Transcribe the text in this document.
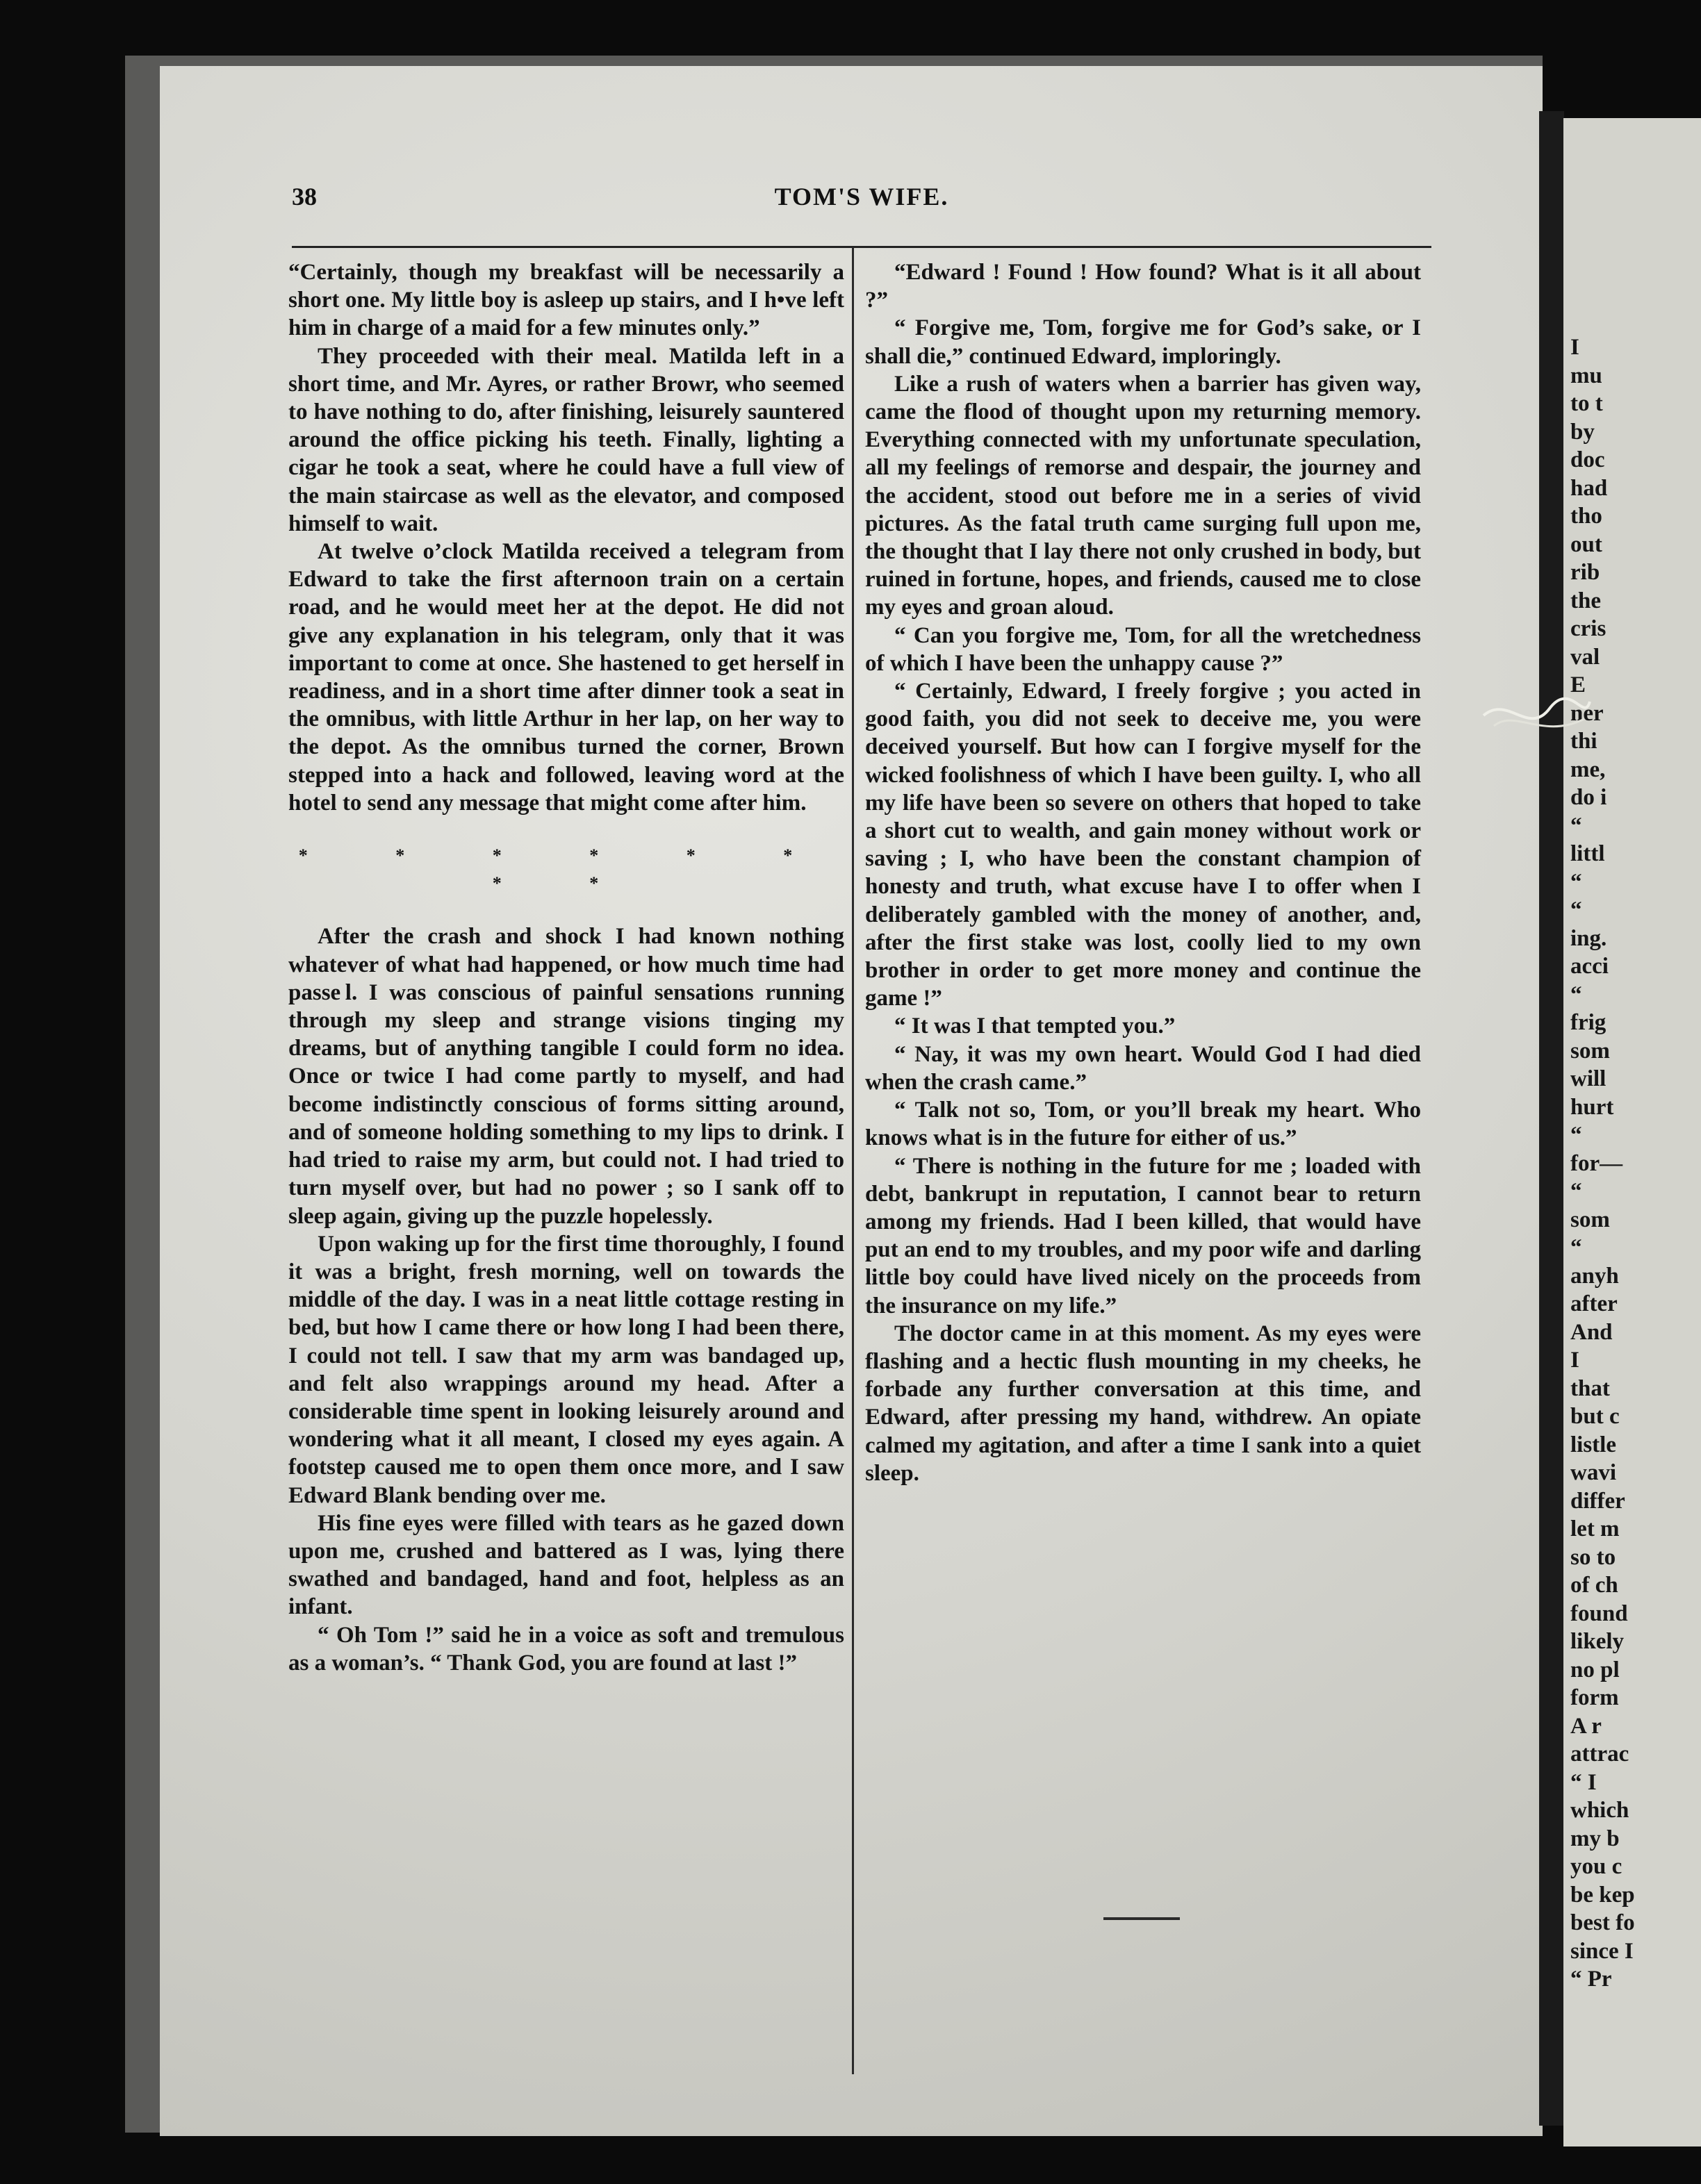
I
mu
to t
by
doc
had
tho
out
rib
the
cris
val
E
ner
thi
me,
do i
“
littl
“
“
ing.
acci
“
frig
som
will
hurt
“
for—
“
som
“
anyh
after
And
I
that
but c
listle
wavi
differ
let m
so to
of ch
found
likely
no pl
form
A r
attrac
“ I
which
my b
you c
be kep
best fo
since I
“ Pr
38	TOM'S WIFE.

“Certainly, though my breakfast will be necessarily a short one. My little boy is asleep up stairs, and I h•ve left him in charge of a maid for a few minutes only.”

They proceeded with their meal. Matilda left in a short time, and Mr. Ayres, or rather Browr, who seemed to have nothing to do, after finishing, leisurely sauntered around the office picking his teeth. Finally, lighting a cigar he took a seat, where he could have a full view of the main staircase as well as the elevator, and composed himself to wait.

At twelve o’clock Matilda received a telegram from Edward to take the first afternoon train on a certain road, and he would meet her at the depot. He did not give any explanation in his telegram, only that it was important to come at once. She hastened to get herself in readiness, and in a short time after dinner took a seat in the omnibus, with little Arthur in her lap, on her way to the depot. As the omnibus turned the corner, Brown stepped into a hack and followed, leaving word at the hotel to send any message that might come after him.

* * * * * * * *

After the crash and shock I had known nothing whatever of what had happened, or how much time had passe l. I was conscious of painful sensations running through my sleep and strange visions tinging my dreams, but of anything tangible I could form no idea. Once or twice I had come partly to myself, and had become indistinctly conscious of forms sitting around, and of someone holding something to my lips to drink. I had tried to raise my arm, but could not. I had tried to turn myself over, but had no power ; so I sank off to sleep again, giving up the puzzle hopelessly.

Upon waking up for the first time thoroughly, I found it was a bright, fresh morning, well on towards the middle of the day. I was in a neat little cottage resting in bed, but how I came there or how long I had been there, I could not tell. I saw that my arm was bandaged up, and felt also wrappings around my head. After a considerable time spent in looking leisurely around and wondering what it all meant, I closed my eyes again. A footstep caused me to open them once more, and I saw Edward Blank bending over me.

His fine eyes were filled with tears as he gazed down upon me, crushed and battered as I was, lying there swathed and bandaged, hand and foot, helpless as an infant.

“ Oh Tom !” said he in a voice as soft and tremulous as a woman’s. “ Thank God, you are found at last !”

“Edward ! Found ! How found? What is it all about ?”

“ Forgive me, Tom, forgive me for God’s sake, or I shall die,” continued Edward, imploringly.

Like a rush of waters when a barrier has given way, came the flood of thought upon my returning memory. Everything connected with my unfortunate speculation, all my feelings of remorse and despair, the journey and the accident, stood out before me in a series of vivid pictures. As the fatal truth came surging full upon me, the thought that I lay there not only crushed in body, but ruined in fortune, hopes, and friends, caused me to close my eyes and groan aloud.

“ Can you forgive me, Tom, for all the wretchedness of which I have been the unhappy cause ?”

“ Certainly, Edward, I freely forgive ; you acted in good faith, you did not seek to deceive me, you were deceived yourself. But how can I forgive myself for the wicked foolishness of which I have been guilty. I, who all my life have been so severe on others that hoped to take a short cut to wealth, and gain money without work or saving ; I, who have been the constant champion of honesty and truth, what excuse have I to offer when I deliberately gambled with the money of another, and, after the first stake was lost, coolly lied to my own brother in order to get more money and continue the game !”

“ It was I that tempted you.”

“ Nay, it was my own heart. Would God I had died when the crash came.”

“ Talk not so, Tom, or you’ll break my heart. Who knows what is in the future for either of us.”

“ There is nothing in the future for me ; loaded with debt, bankrupt in reputation, I cannot bear to return among my friends. Had I been killed, that would have put an end to my troubles, and my poor wife and darling little boy could have lived nicely on the proceeds from the insurance on my life.”

The doctor came in at this moment. As my eyes were flashing and a hectic flush mounting in my cheeks, he forbade any further conversation at this time, and Edward, after pressing my hand, withdrew. An opiate calmed my agitation, and after a time I sank into a quiet sleep.
